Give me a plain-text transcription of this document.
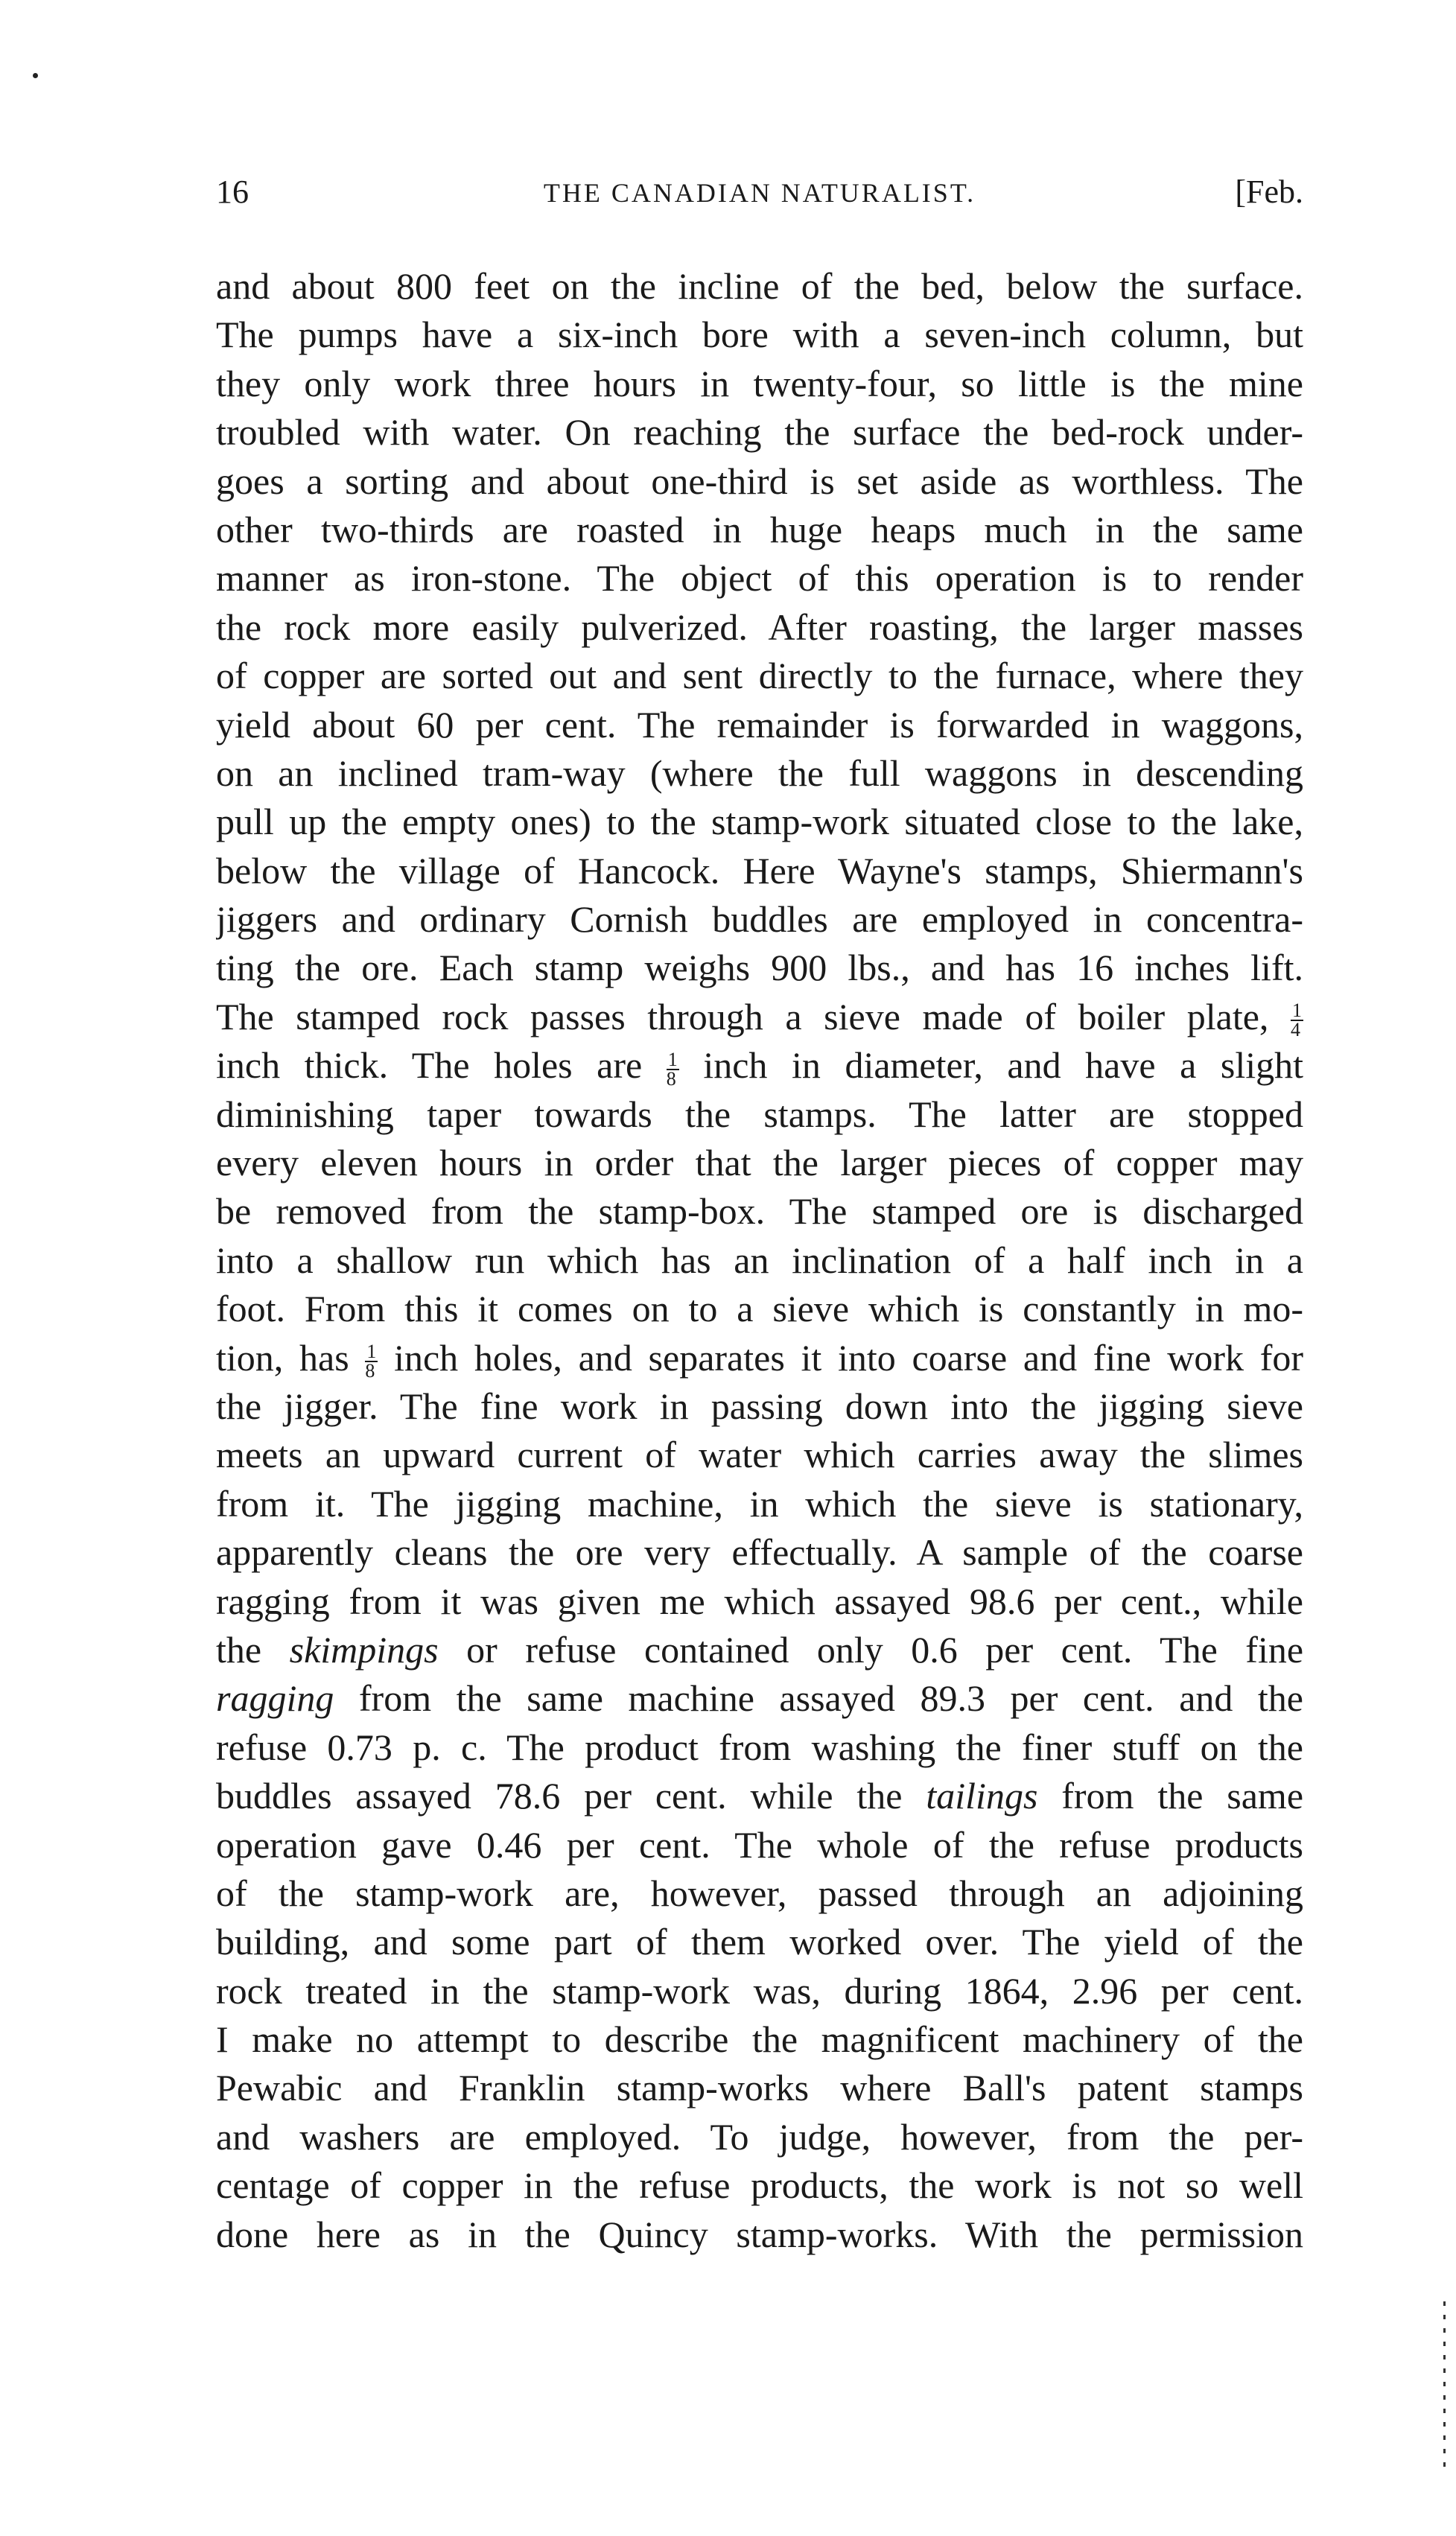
16	THE CANADIAN NATURALIST.	[Feb.
and about 800 feet on the incline of the bed, below the surface.
The pumps have a six-inch bore with a seven-inch column, but
they only work three hours in twenty-four, so little is the mine
troubled with water. On reaching the surface the bed-rock under-
goes a sorting and about one-third is set aside as worthless. The
other two-thirds are roasted in huge heaps much in the same
manner as iron-stone. The object of this operation is to render
the rock more easily pulverized. After roasting, the larger masses
of copper are sorted out and sent directly to the furnace, where they
yield about 60 per cent. The remainder is forwarded in waggons,
on an inclined tram-way (where the full waggons in descending
pull up the empty ones) to the stamp-work situated close to the lake,
below the village of Hancock. Here Wayne's stamps, Shiermann's
jiggers and ordinary Cornish buddles are employed in concentra-
ting the ore. Each stamp weighs 900 lbs., and has 16 inches lift.
The stamped rock passes through a sieve made of boiler plate, $\frac{1}{4}$
inch thick. The holes are $\frac{1}{8}$ inch in diameter, and have a slight
diminishing taper towards the stamps. The latter are stopped
every eleven hours in order that the larger pieces of copper may
be removed from the stamp-box. The stamped ore is discharged
into a shallow run which has an inclination of a half inch in a
foot. From this it comes on to a sieve which is constantly in mo-
tion, has $\frac{1}{8}$ inch holes, and separates it into coarse and fine work for
the jigger. The fine work in passing down into the jigging sieve
meets an upward current of water which carries away the slimes
from it. The jigging machine, in which the sieve is stationary,
apparently cleans the ore very effectually. A sample of the coarse
ragging from it was given me which assayed 98.6 per cent., while
the skimpings or refuse contained only 0.6 per cent. The fine
ragging from the same machine assayed 89.3 per cent. and the
refuse 0.73 p. c. The product from washing the finer stuff on the
buddles assayed 78.6 per cent. while the tailings from the same
operation gave 0.46 per cent. The whole of the refuse products
of the stamp-work are, however, passed through an adjoining
building, and some part of them worked over. The yield of the
rock treated in the stamp-work was, during 1864, 2.96 per cent.
I make no attempt to describe the magnificent machinery of the
Pewabic and Franklin stamp-works where Ball's patent stamps
and washers are employed. To judge, however, from the per-
centage of copper in the refuse products, the work is not so well
done here as in the Quincy stamp-works. With the permission
